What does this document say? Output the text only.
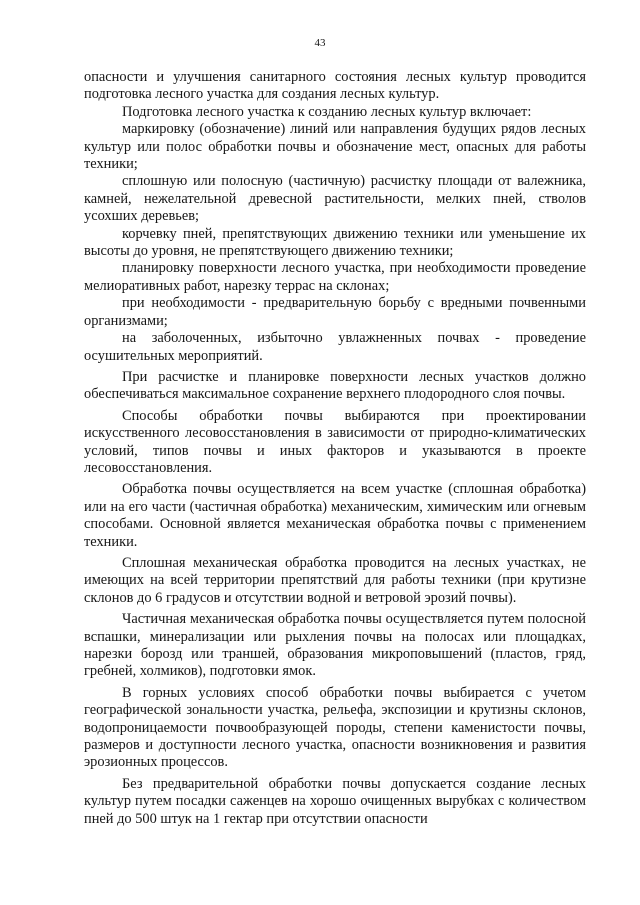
43

опасности и улучшения санитарного состояния лесных культур проводится подготовка лесного участка для создания лесных культур.

Подготовка лесного участка к созданию лесных культур включает:

маркировку (обозначение) линий или направления будущих рядов лесных культур или полос обработки почвы и обозначение мест, опасных для работы техники;

сплошную или полосную (частичную) расчистку площади от валежника, камней, нежелательной древесной растительности, мелких пней, стволов усохших деревьев;

корчевку пней, препятствующих движению техники или уменьшение их высоты до уровня, не препятствующего движению техники;

планировку поверхности лесного участка, при необходимости проведение мелиоративных работ, нарезку террас на склонах;

при необходимости - предварительную борьбу с вредными почвенными организмами;

на заболоченных, избыточно увлажненных почвах - проведение осушительных мероприятий.

При расчистке и планировке поверхности лесных участков должно обеспечиваться максимальное сохранение верхнего плодородного слоя почвы.

Способы обработки почвы выбираются при проектировании искусственного лесовосстановления в зависимости от природно-климатических условий, типов почвы и иных факторов и указываются в проекте лесовосстановления.

Обработка почвы осуществляется на всем участке (сплошная обработка) или на его части (частичная обработка) механическим, химическим или огневым способами. Основной является механическая обработка почвы с применением техники.

Сплошная механическая обработка проводится на лесных участках, не имеющих на всей территории препятствий для работы техники (при крутизне склонов до 6 градусов и отсутствии водной и ветровой эрозий почвы).

Частичная механическая обработка почвы осуществляется путем полосной вспашки, минерализации или рыхления почвы на полосах или площадках, нарезки борозд или траншей, образования микроповышений (пластов, гряд, гребней, холмиков), подготовки ямок.

В горных условиях способ обработки почвы выбирается с учетом географической зональности участка, рельефа, экспозиции и крутизны склонов, водопроницаемости почвообразующей породы, степени каменистости почвы, размеров и доступности лесного участка, опасности возникновения и развития эрозионных процессов.

Без предварительной обработки почвы допускается создание лесных культур путем посадки саженцев на хорошо очищенных вырубках с количеством пней до 500 штук на 1 гектар при отсутствии опасности
